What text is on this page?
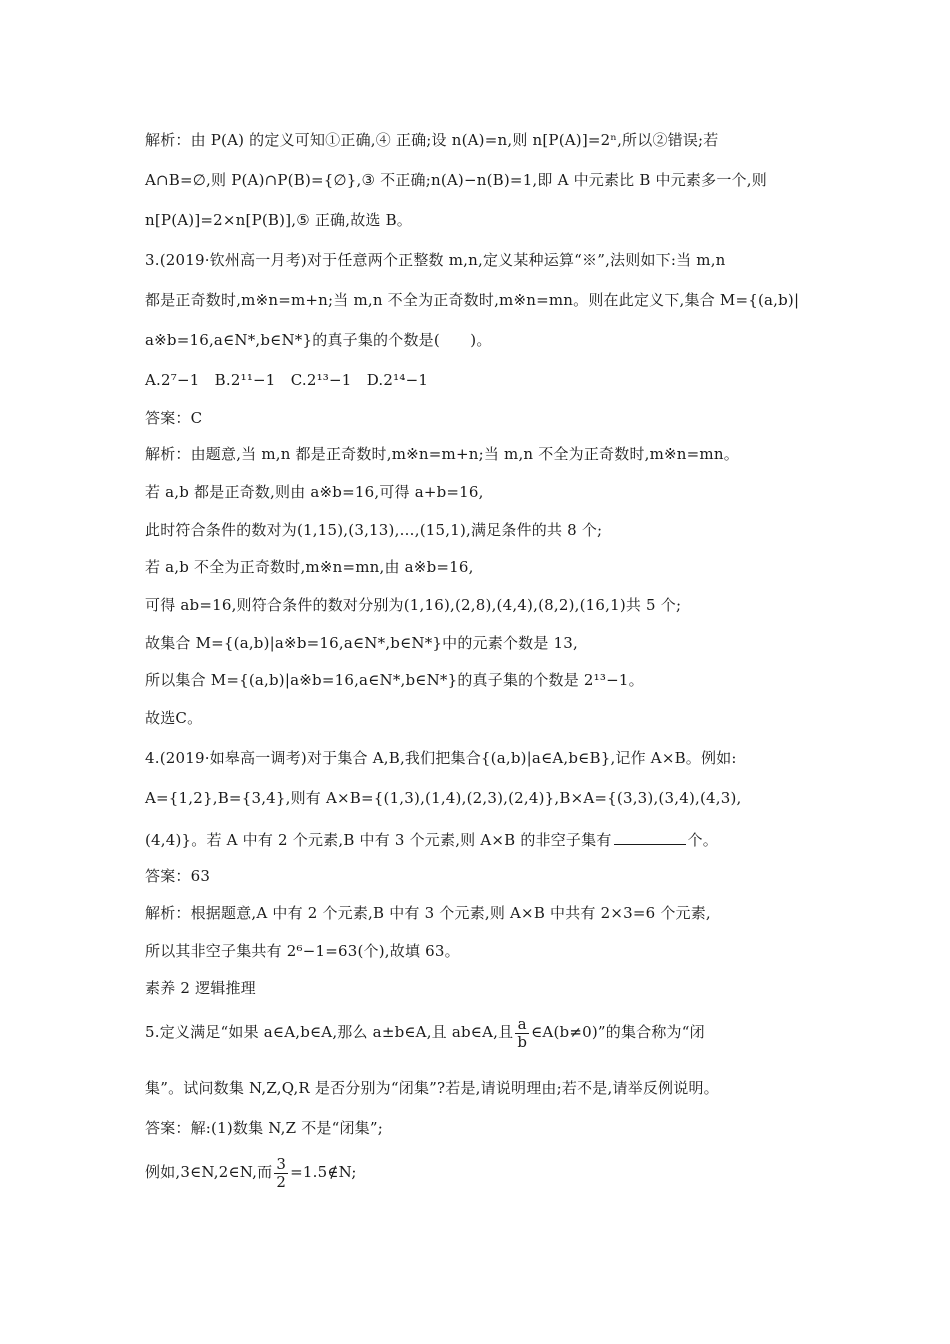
解析：由 P(A) 的定义可知①正确,④ 正确;设 n(A)=n,则 n[P(A)]=2ⁿ,所以②错误;若
A∩B=∅,则 P(A)∩P(B)={∅},③ 不正确;n(A)−n(B)=1,即 A 中元素比 B 中元素多一个,则
n[P(A)]=2×n[P(B)],⑤ 正确,故选 B。
3.(2019·钦州高一月考)对于任意两个正整数 m,n,定义某种运算“※”,法则如下:当 m,n
都是正奇数时,m※n=m+n;当 m,n 不全为正奇数时,m※n=mn。则在此定义下,集合 M={(a,b)|
a※b=16,a∈N*,b∈N*}的真子集的个数是(　　)。
A.2⁷−1　B.2¹¹−1　C.2¹³−1　D.2¹⁴−1
答案：C
解析：由题意,当 m,n 都是正奇数时,m※n=m+n;当 m,n 不全为正奇数时,m※n=mn。
若 a,b 都是正奇数,则由 a※b=16,可得 a+b=16,
此时符合条件的数对为(1,15),(3,13),…,(15,1),满足条件的共 8 个;
若 a,b 不全为正奇数时,m※n=mn,由 a※b=16,
可得 ab=16,则符合条件的数对分别为(1,16),(2,8),(4,4),(8,2),(16,1)共 5 个;
故集合 M={(a,b)|a※b=16,a∈N*,b∈N*}中的元素个数是 13,
所以集合 M={(a,b)|a※b=16,a∈N*,b∈N*}的真子集的个数是 2¹³−1。
故选C。
4.(2019·如皋高一调考)对于集合 A,B,我们把集合{(a,b)|a∈A,b∈B},记作 A×B。例如:
A={1,2},B={3,4},则有 A×B={(1,3),(1,4),(2,3),(2,4)},B×A={(3,3),(3,4),(4,3),
(4,4)}。若 A 中有 2 个元素,B 中有 3 个元素,则 A×B 的非空子集有	个。
答案：63
解析：根据题意,A 中有 2 个元素,B 中有 3 个元素,则 A×B 中共有 2×3=6 个元素,
所以其非空子集共有 2⁶−1=63(个),故填 63。
素养 2 逻辑推理
5.定义满足“如果 a∈A,b∈A,那么 a±b∈A,且 ab∈A,且 $\frac{a}{b}$ ∈A(b≠0)”的集合称为“闭
集”。试问数集 N,Z,Q,R 是否分别为“闭集”?若是,请说明理由;若不是,请举反例说明。
答案：解:(1)数集 N,Z 不是“闭集”;
例如,3∈N,2∈N,而 $\frac{3}{2}$ =1.5∉N;
